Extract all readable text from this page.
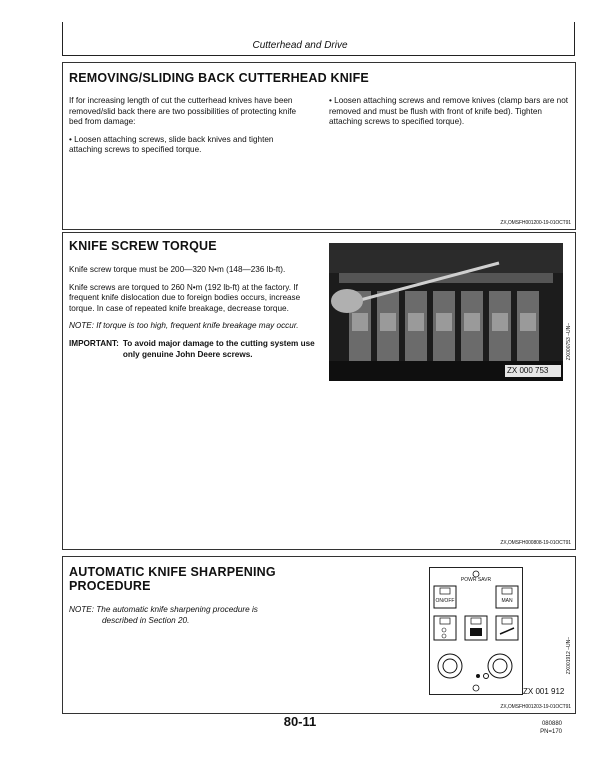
Cutterhead and Drive
REMOVING/SLIDING BACK CUTTERHEAD KNIFE

If for increasing length of cut the cutterhead knives have been removed/slid back there are two possibilities of protecting knife bed from damage:

• Loosen attaching screws, slide back knives and tighten attaching screws to specified torque.

• Loosen attaching screws and remove knives (clamp bars are not removed and must be flush with front of knife bed). Tighten attaching screws to specified torque).

ZX,OMSFH001200-19-01OCT91
KNIFE SCREW TORQUE

Knife screw torque must be 200—320 N•m (148—236 lb-ft).

Knife screws are torqued to 260 N•m (192 lb-ft) at the factory. If frequent knife dislocation due to foreign bodies occurs, increase torque. In case of repeated knife breakage, decrease torque.

NOTE: If torque is too high, frequent knife breakage may occur.

IMPORTANT: To avoid major damage to the cutting system use only genuine John Deere screws.
ZX 000 753
ZX000753 –UN–
ZX,OMSFH000808-19-01OCT91
AUTOMATIC KNIFE SHARPENING
PROCEDURE
NOTE: The automatic knife sharpening procedure is
described in Section 20.
POWR SAVR
ON/OFF	MAN
ZX 001 912
ZX001912 –UN–
ZX,OMSFH001203-19-01OCT91
80-11	080880
PN=170
